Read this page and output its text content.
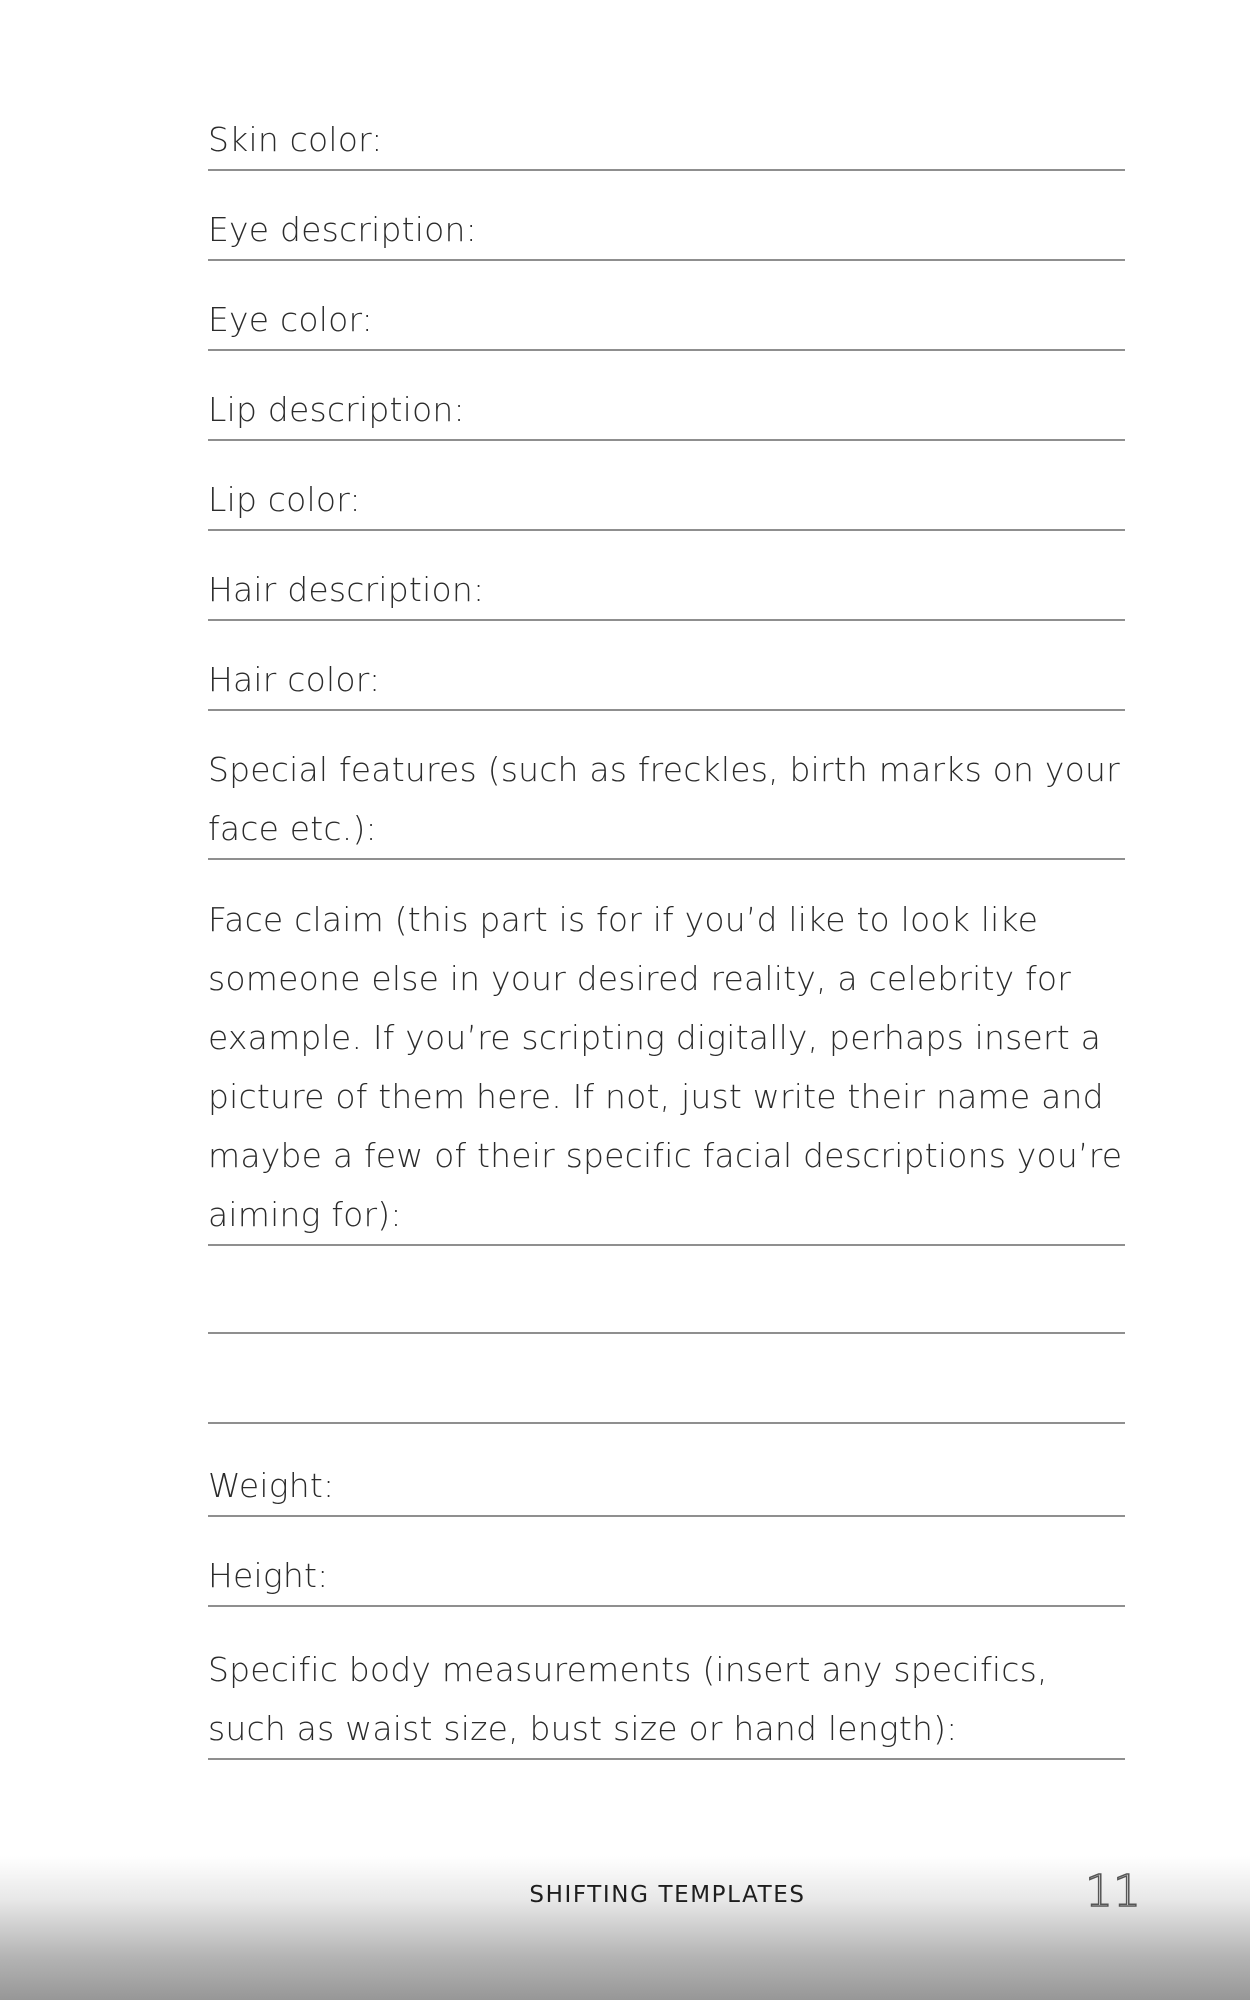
Skin color:
Eye description:
Eye color:
Lip description:
Lip color:
Hair description:
Hair color:
Special features (such as freckles, birth marks on your face etc.):
Face claim (this part is for if you’d like to look like someone else in your desired reality, a celebrity for example. If you’re scripting digitally, perhaps insert a picture of them here. If not, just write their name and maybe a few of their specific facial descriptions you’re aiming for):
Weight:
Height:
Specific body measurements (insert any specifics, such as waist size, bust size or hand length):
SHIFTING TEMPLATES	11
